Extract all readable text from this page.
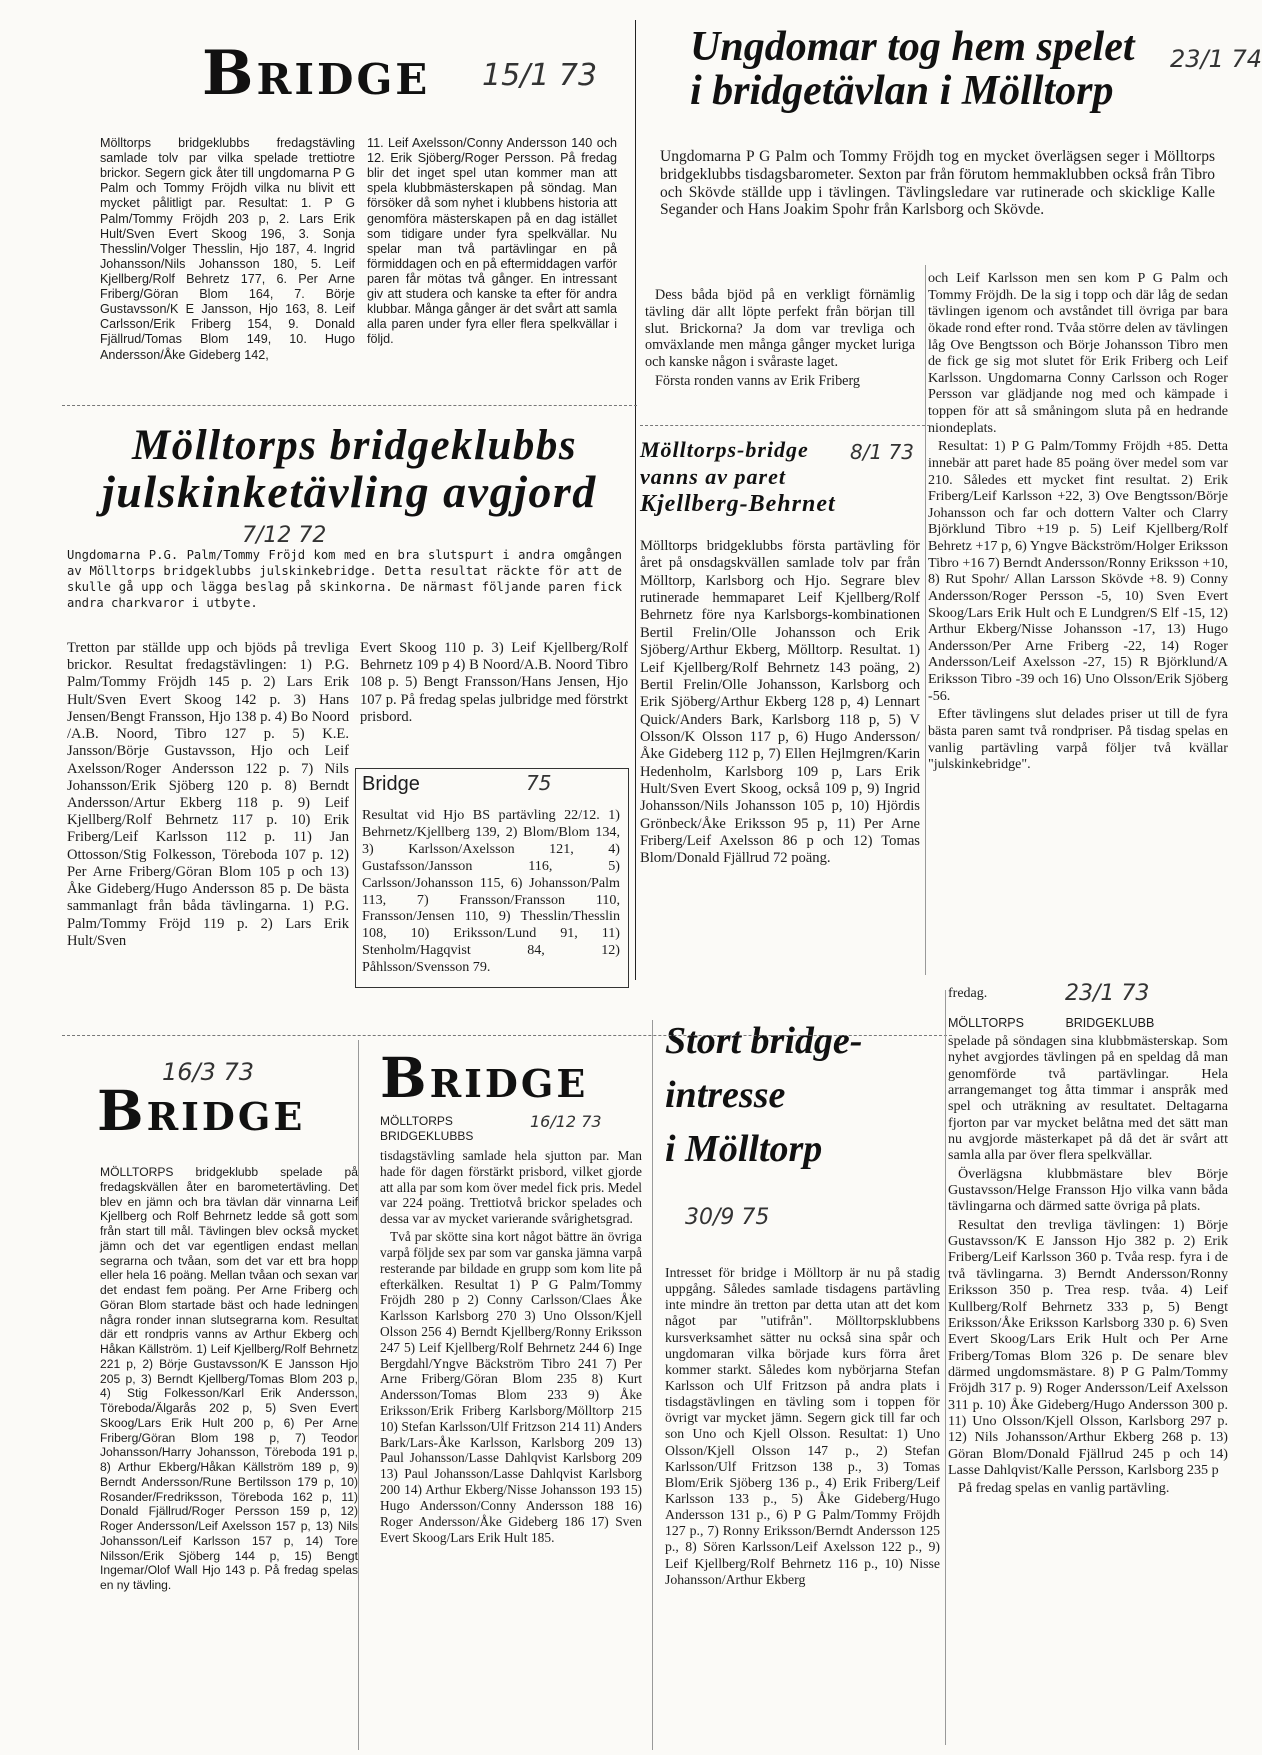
BRIDGE 15/1 73
Mölltorps bridgeklubbs fredagstävling samlade tolv par vilka spelade trettiotre brickor. Segern gick åter till ungdomarna P G Palm och Tommy Fröjdh vilka nu blivit ett mycket pålitligt par. Resultat: 1. P G Palm/Tommy Fröjdh 203 p, 2. Lars Erik Hult/Sven Evert Skoog 196, 3. Sonja Thesslin/Volger Thesslin, Hjo 187, 4. Ingrid Johansson/Nils Johansson 180, 5. Leif Kjellberg/Rolf Behretz 177, 6. Per Arne Friberg/Göran Blom 164, 7. Börje Gustavsson/K E Jansson, Hjo 163, 8. Leif Carlsson/Erik Friberg 154, 9. Donald Fjällrud/Tomas Blom 149, 10. Hugo Andersson/Åke Gideberg 142,
11. Leif Axelsson/Conny Andersson 140 och 12. Erik Sjöberg/Roger Persson. På fredag blir det inget spel utan kommer man att spela klubbmästerskapen på söndag. Man försöker då som nyhet i klubbens historia att genomföra mästerskapen på en dag istället som tidigare under fyra spelkvällar. Nu spelar man två partävlingar en på förmiddagen och en på eftermiddagen varför paren får mötas två gånger. En intressant giv att studera och kanske ta efter för andra klubbar. Många gånger är det svårt att samla alla paren under fyra eller flera spelkvällar i följd.
Ungdomar tog hem spelet
i bridgetävlan i Mölltorp
23/1 74
Ungdomarna P G Palm och Tommy Fröjdh tog en mycket överlägsen seger i Mölltorps bridgeklubbs tisdagsbarometer. Sexton par från förutom hemmaklubben också från Tibro och Skövde ställde upp i tävlingen. Tävlingsledare var rutinerade och skicklige Kalle Segander och Hans Joakim Spohr från Karlsborg och Skövde.

Dess båda bjöd på en verkligt förnämlig tävling där allt löpte perfekt från början till slut. Brickorna? Ja dom var trevliga och omväxlande men många gånger mycket luriga och kanske någon i svåraste laget.

Första ronden vanns av Erik Friberg

och Leif Karlsson men sen kom P G Palm och Tommy Fröjdh. De la sig i topp och där låg de sedan tävlingen igenom och avståndet till övriga par bara ökade rond efter rond. Tvåa större delen av tävlingen låg Ove Bengtsson och Börje Johansson Tibro men de fick ge sig mot slutet för Erik Friberg och Leif Karlsson. Ungdomarna Conny Carlsson och Roger Persson var glädjande nog med och kämpade i toppen för att så småningom sluta på en hedrande niondeplats.

Resultat: 1) P G Palm/Tommy Fröjdh +85. Detta innebär att paret hade 85 poäng över medel som var 210. Således ett mycket fint resultat. 2) Erik Friberg/Leif Karlsson +22, 3) Ove Bengtsson/Börje Johansson och far och dottern Valter och Clarry Björklund Tibro +19 p. 5) Leif Kjellberg/Rolf Behretz +17 p, 6) Yngve Bäckström/Holger Eriksson Tibro +16 7) Berndt Andersson/Ronny Eriksson +10, 8) Rut Spohr/ Allan Larsson Skövde +8. 9) Conny Andersson/Roger Persson -5, 10) Sven Evert Skoog/Lars Erik Hult och E Lundgren/S Elf -15, 12) Arthur Ekberg/Nisse Johansson -17, 13) Hugo Andersson/Per Arne Friberg -22, 14) Roger Andersson/Leif Axelsson -27, 15) R Björklund/A Eriksson Tibro -39 och 16) Uno Olsson/Erik Sjöberg -56.

Efter tävlingens slut delades priser ut till de fyra bästa paren samt två rondpriser. På tisdag spelas en vanlig partävling varpå följer två kvällar "julskinkebridge".

Mölltorps bridgeklubbs
julskinketävling avgjord
7/12 72
Ungdomarna P.G. Palm/Tommy Fröjd kom med en bra slutspurt i andra omgången av Mölltorps bridgeklubbs julskinkebridge. Detta resultat räckte för att de skulle gå upp och lägga beslag på skinkorna. De närmast följande paren fick andra charkvaror i utbyte.
Tretton par ställde upp och bjöds på trevliga brickor. Resultat fredagstävlingen: 1) P.G. Palm/Tommy Fröjdh 145 p. 2) Lars Erik Hult/Sven Evert Skoog 142 p. 3) Hans Jensen/Bengt Fransson, Hjo 138 p. 4) Bo Noord /A.B. Noord, Tibro 127 p. 5) K.E. Jansson/Börje Gustavsson, Hjo och Leif Axelsson/Roger Andersson 122 p. 7) Nils Johansson/Erik Sjöberg 120 p. 8) Berndt Andersson/Artur Ekberg 118 p. 9) Leif Kjellberg/Rolf Behrnetz 117 p. 10) Erik Friberg/Leif Karlsson 112 p. 11) Jan Ottosson/Stig Folkesson, Töreboda 107 p. 12) Per Arne Friberg/Göran Blom 105 p och 13) Åke Gideberg/Hugo Andersson 85 p. De bästa sammanlagt från båda tävlingarna. 1) P.G. Palm/Tommy Fröjd 119 p. 2) Lars Erik Hult/Sven
Evert Skoog 110 p. 3) Leif Kjellberg/Rolf Behrnetz 109 p 4) B Noord/A.B. Noord Tibro 108 p. 5) Bengt Fransson/Hans Jensen, Hjo 107 p. På fredag spelas julbridge med förstrkt prisbord.
Mölltorps-bridge
vanns av paret
Kjellberg-Behrnet
8/1 73
Mölltorps bridgeklubbs första partävling för året på onsdagskvällen samlade tolv par från Mölltorp, Karlsborg och Hjo. Segrare blev rutinerade hemmaparet Leif Kjellberg/Rolf Behrnetz före nya Karlsborgs-kombinationen Bertil Frelin/Olle Johansson och Erik Sjöberg/Arthur Ekberg, Mölltorp. Resultat. 1) Leif Kjellberg/Rolf Behrnetz 143 poäng, 2) Bertil Frelin/Olle Johansson, Karlsborg och Erik Sjöberg/Arthur Ekberg 128 p, 4) Lennart Quick/Anders Bark, Karlsborg 118 p, 5) V Olsson/K Olsson 117 p, 6) Hugo Andersson/Åke Gideberg 112 p, 7) Ellen Hejlmgren/Karin Hedenholm, Karlsborg 109 p, Lars Erik Hult/Sven Evert Skoog, också 109 p, 9) Ingrid Johansson/Nils Johansson 105 p, 10) Hjördis Grönbeck/Åke Eriksson 95 p, 11) Per Arne Friberg/Leif Axelsson 86 p och 12) Tomas Blom/Donald Fjällrud 72 poäng.
Bridge	75
Resultat vid Hjo BS partävling 22/12. 1) Behrnetz/Kjellberg 139, 2) Blom/Blom 134, 3) Karlsson/Axelsson 121, 4) Gustafsson/Jansson 116, 5) Carlsson/Johansson 115, 6) Johansson/Palm 113, 7) Fransson/Fransson 110, Fransson/Jensen 110, 9) Thesslin/Thesslin 108, 10) Eriksson/Lund 91, 11) Stenholm/Hagqvist 84, 12) Påhlsson/Svensson 79.
16/3 73
BRIDGE
MÖLLTORPS bridgeklubb spelade på fredagskvällen åter en barometertävling. Det blev en jämn och bra tävlan där vinnarna Leif Kjellberg och Rolf Behrnetz ledde så gott som från start till mål. Tävlingen blev också mycket jämn och det var egentligen endast mellan segrarna och tvåan, som det var ett bra hopp eller hela 16 poäng. Mellan tvåan och sexan var det endast fem poäng. Per Arne Friberg och Göran Blom startade bäst och hade ledningen några ronder innan slutsegrarna kom. Resultat där ett rondpris vanns av Arthur Ekberg och Håkan Källström. 1) Leif Kjellberg/Rolf Behrnetz 221 p, 2) Börje Gustavsson/K E Jansson Hjo 205 p, 3) Berndt Kjellberg/Tomas Blom 203 p, 4) Stig Folkesson/Karl Erik Andersson, Töreboda/Älgarås 202 p, 5) Sven Evert Skoog/Lars Erik Hult 200 p, 6) Per Arne Friberg/Göran Blom 198 p, 7) Teodor Johansson/Harry Johansson, Töreboda 191 p, 8) Arthur Ekberg/Håkan Källström 189 p, 9) Berndt Andersson/Rune Bertilsson 179 p, 10) Rosander/Fredriksson, Töreboda 162 p, 11) Donald Fjällrud/Roger Persson 159 p, 12) Roger Andersson/Leif Axelsson 157 p, 13) Nils Johansson/Leif Karlsson 157 p, 14) Tore Nilsson/Erik Sjöberg 144 p, 15) Bengt Ingemar/Olof Wall Hjo 143 p. På fredag spelas en ny tävling.
BRIDGE
16/12 73
MÖLLTORPS
BRIDGEKLUBBS

tisdagstävling samlade hela sjutton par. Man hade för dagen förstärkt prisbord, vilket gjorde att alla par som kom över medel fick pris. Medel var 224 poäng. Trettiotvå brickor spelades och dessa var av mycket varierande svårighetsgrad.

Två par skötte sina kort något bättre än övriga varpå följde sex par som var ganska jämna varpå resterande par bildade en grupp som kom lite på efterkälken. Resultat 1) P G Palm/Tommy Fröjdh 280 p 2) Conny Carlsson/Claes Åke Karlsson Karlsborg 270 3) Uno Olsson/Kjell Olsson 256 4) Berndt Kjellberg/Ronny Eriksson 247 5) Leif Kjellberg/Rolf Behrnetz 244 6) Inge Bergdahl/Yngve Bäckström Tibro 241 7) Per Arne Friberg/Göran Blom 235 8) Kurt Andersson/Tomas Blom 233 9) Åke Eriksson/Erik Friberg Karlsborg/Mölltorp 215 10) Stefan Karlsson/Ulf Fritzson 214 11) Anders Bark/Lars-Åke Karlsson, Karlsborg 209 13) Paul Johansson/Lasse Dahlqvist Karlsborg 209 13) Paul Johansson/Lasse Dahlqvist Karlsborg 200 14) Arthur Ekberg/Nisse Johansson 193 15) Hugo Andersson/Conny Andersson 188 16) Roger Andersson/Åke Gideberg 186 17) Sven Evert Skoog/Lars Erik Hult 185.

Stort bridge-
intresse
i Mölltorp
30/9 75
Intresset för bridge i Mölltorp är nu på stadig uppgång. Således samlade tisdagens partävling inte mindre än tretton par detta utan att det kom något par "utifrån". Mölltorpsklubbens kursverksamhet sätter nu också sina spår och ungdomaran vilka började kurs förra året kommer starkt. Således kom nybörjarna Stefan Karlsson och Ulf Fritzson på andra plats i tisdagstävlingen en tävling som i toppen för övrigt var mycket jämn. Segern gick till far och son Uno och Kjell Olsson. Resultat: 1) Uno Olsson/Kjell Olsson 147 p., 2) Stefan Karlsson/Ulf Fritzson 138 p., 3) Tomas Blom/Erik Sjöberg 136 p., 4) Erik Friberg/Leif Karlsson 133 p., 5) Åke Gideberg/Hugo Andersson 131 p., 6) P G Palm/Tommy Fröjdh 127 p., 7) Ronny Eriksson/Berndt Andersson 125 p., 8) Sören Karlsson/Leif Axelsson 122 p., 9) Leif Kjellberg/Rolf Behrnetz 116 p., 10) Nisse Johansson/Arthur Ekberg
fredag.	23/1 73
MÖLLTORPS	BRIDGEKLUBB

spelade på söndagen sina klubbmästerskap. Som nyhet avgjordes tävlingen på en speldag då man genomförde två partävlingar. Hela arrangemanget tog åtta timmar i anspråk med spel och uträkning av resultatet. Deltagarna fjorton par var mycket belåtna med det sätt man nu avgjorde mästerkapet på då det är svårt att samla alla par över flera spelkvällar.

Överlägsna klubbmästare blev Börje Gustavsson/Helge Fransson Hjo vilka vann båda tävlingarna och därmed satte övriga på plats.

Resultat den trevliga tävlingen: 1) Börje Gustavsson/K E Jansson Hjo 382 p. 2) Erik Friberg/Leif Karlsson 360 p. Tvåa resp. fyra i de två tävlingarna. 3) Berndt Andersson/Ronny Eriksson 350 p. Trea resp. tvåa. 4) Leif Kullberg/Rolf Behrnetz 333 p, 5) Bengt Eriksson/Åke Eriksson Karlsborg 330 p. 6) Sven Evert Skoog/Lars Erik Hult och Per Arne Friberg/Tomas Blom 326 p. De senare blev därmed ungdomsmästare. 8) P G Palm/Tommy Fröjdh 317 p. 9) Roger Andersson/Leif Axelsson 311 p. 10) Åke Gideberg/Hugo Andersson 300 p. 11) Uno Olsson/Kjell Olsson, Karlsborg 297 p. 12) Nils Johansson/Arthur Ekberg 268 p. 13) Göran Blom/Donald Fjällrud 245 p och 14) Lasse Dahlqvist/Kalle Persson, Karlsborg 235 p

På fredag spelas en vanlig partävling.
